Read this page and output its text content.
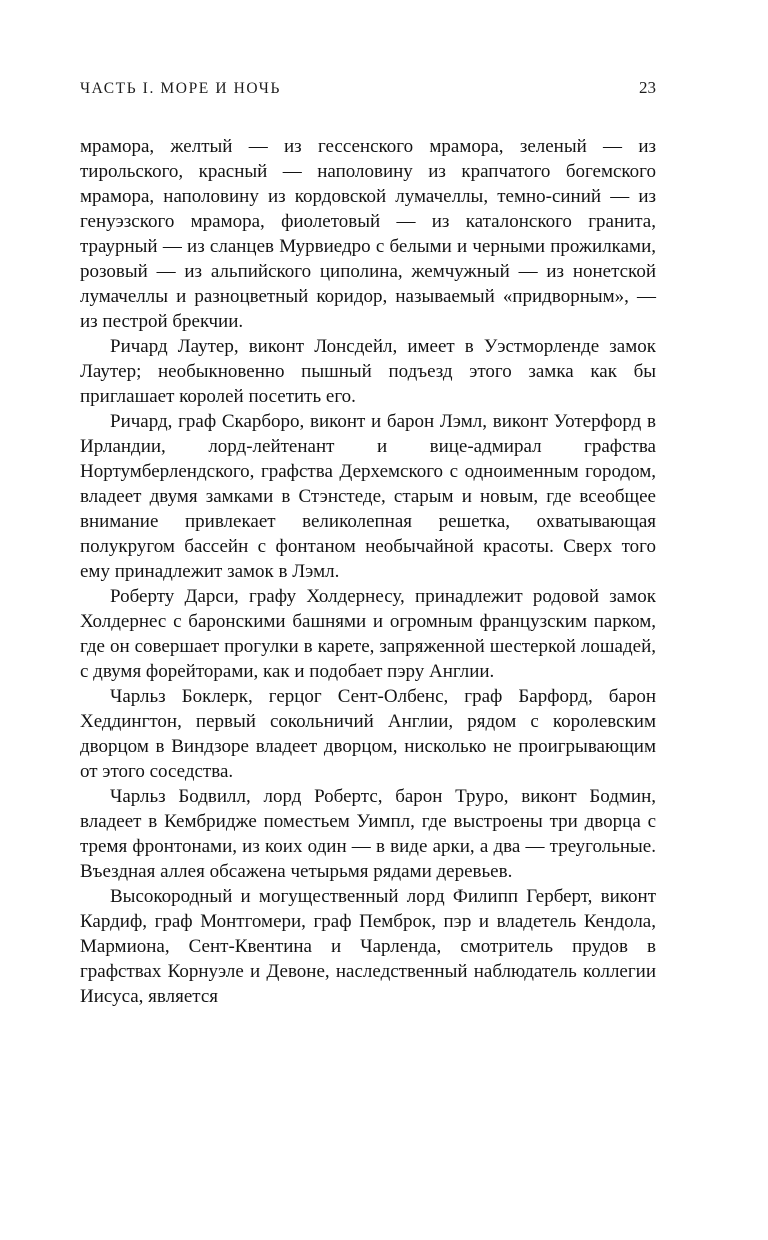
ЧАСТЬ I. МОРЕ И НОЧЬ	23

мрамора, желтый — из гессенского мрамора, зеленый — из тирольского, красный — наполовину из крапчатого богемского мрамора, наполовину из кордовской лумачеллы, темно-синий — из генуэзского мрамора, фиолетовый — из каталонского гранита, траурный — из сланцев Мурвиедро с белыми и черными прожилками, розовый — из альпийского циполина, жемчужный — из нонетской лумачеллы и разноцветный коридор, называемый «придворным», — из пестрой брекчии.

Ричард Лаутер, виконт Лонсдейл, имеет в Уэстморленде замок Лаутер; необыкновенно пышный подъезд этого замка как бы приглашает королей посетить его.

Ричард, граф Скарборо, виконт и барон Лэмл, виконт Уотерфорд в Ирландии, лорд-лейтенант и вице-адмирал графства Нортумберлендского, графства Дерхемского с одноименным городом, владеет двумя замками в Стэнстеде, старым и новым, где всеобщее внимание привлекает великолепная решетка, охватывающая полукругом бассейн с фонтаном необычайной красоты. Сверх того ему принадлежит замок в Лэмл.

Роберту Дарси, графу Холдернесу, принадлежит родовой замок Холдернес с баронскими башнями и огромным французским парком, где он совершает прогулки в карете, запряженной шестеркой лошадей, с двумя форейторами, как и подобает пэру Англии.

Чарльз Боклерк, герцог Сент-Олбенс, граф Барфорд, барон Хеддингтон, первый сокольничий Англии, рядом с королевским дворцом в Виндзоре владеет дворцом, нисколько не проигрывающим от этого соседства.

Чарльз Бодвилл, лорд Робертс, барон Труро, виконт Бодмин, владеет в Кембридже поместьем Уимпл, где выстроены три дворца с тремя фронтонами, из коих один — в виде арки, а два — треугольные. Въездная аллея обсажена четырьмя рядами деревьев.

Высокородный и могущественный лорд Филипп Герберт, виконт Кардиф, граф Монтгомери, граф Пемброк, пэр и владетель Кендола, Мармиона, Сент-Квентина и Чарленда, смотритель прудов в графствах Корнуэле и Девоне, наследственный наблюдатель коллегии Иисуса, является
